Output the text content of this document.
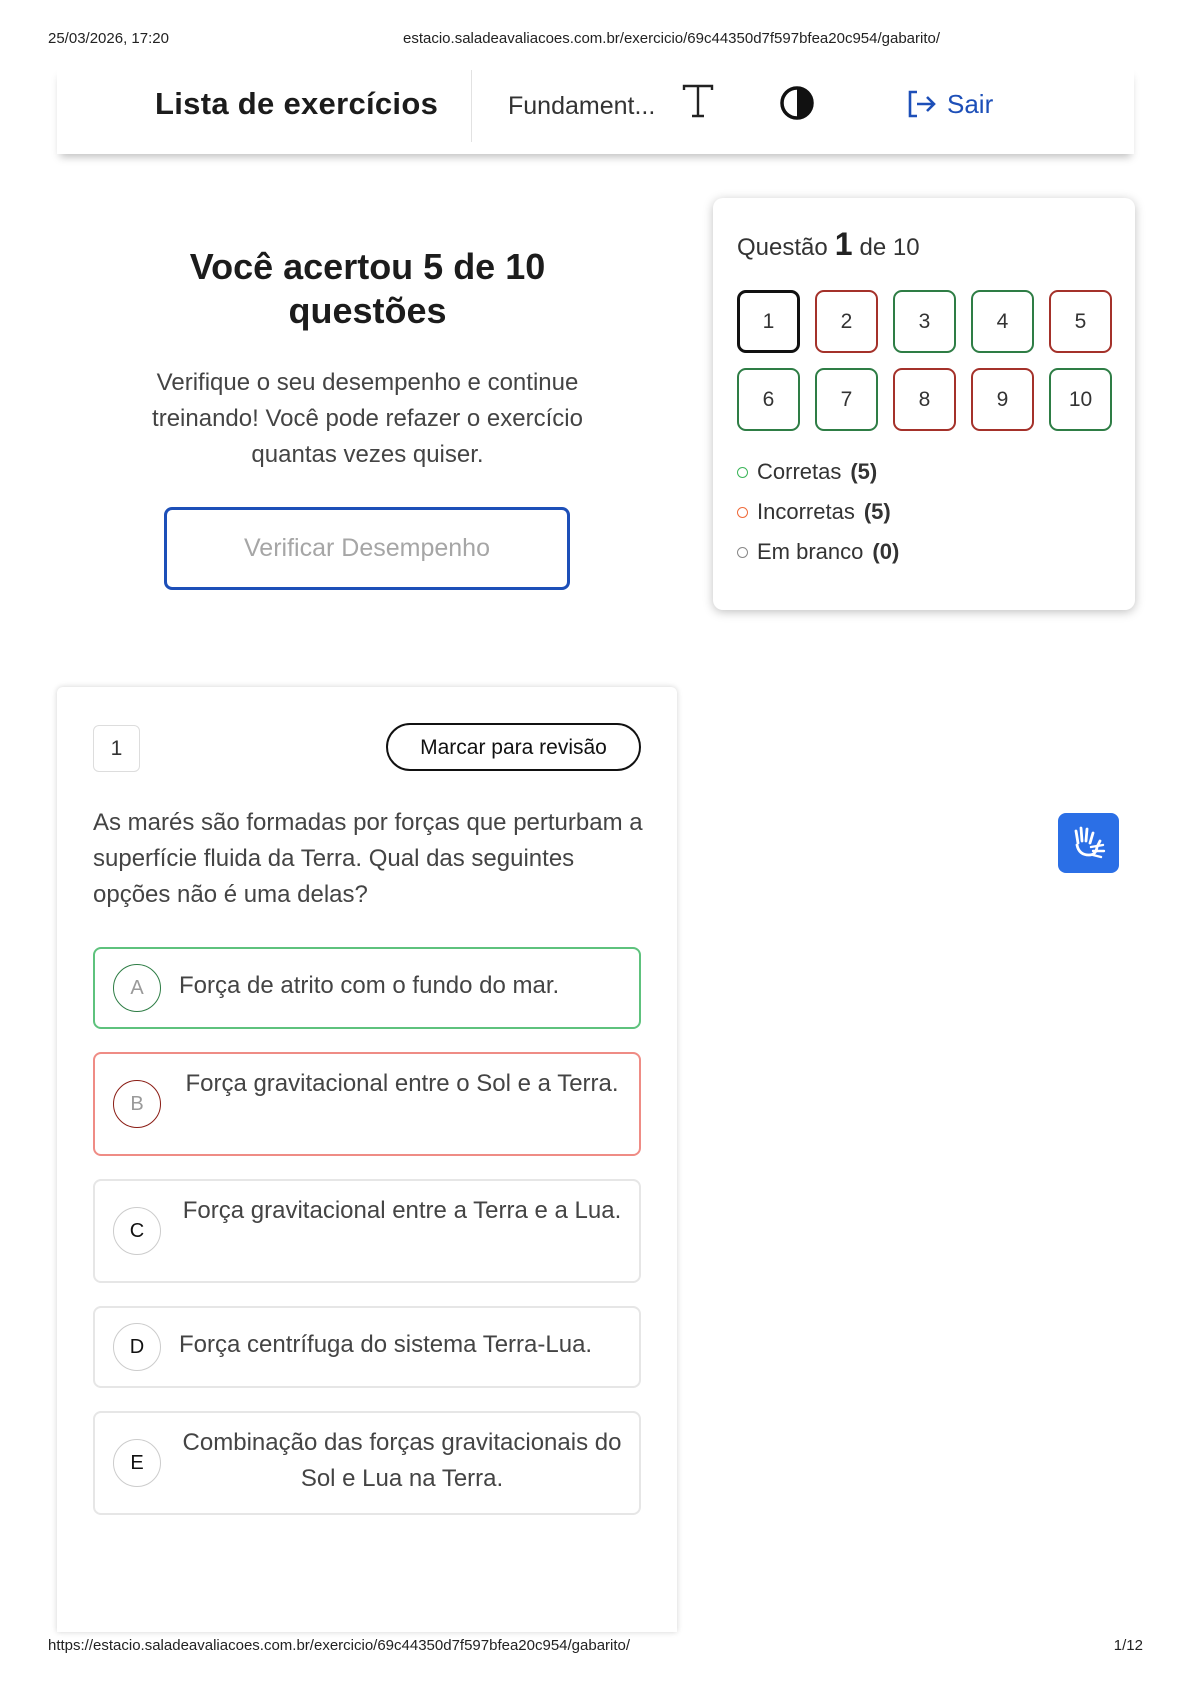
25/03/2026, 17:20	estacio.saladeavaliacoes.com.br/exercicio/69c44350d7f597bfea20c954/gabarito/
Lista de exercícios	Fundament...	Sair
Você acertou 5 de 10 questões

Verifique o seu desempenho e continue treinando! Você pode refazer o exercício quantas vezes quiser.

Verificar Desempenho
Questão 1 de 10
1	2	3	4	5
6	7	8	9	10
Corretas (5)
Incorretas (5)
Em branco (0)
1	Marcar para revisão
As marés são formadas por forças que perturbam a superfície fluida da Terra. Qual das seguintes opções não é uma delas?
A	Força de atrito com o fundo do mar.
B
Força gravitacional entre o Sol e a Terra.
C
Força gravitacional entre a Terra e a Lua.
D	Força centrífuga do sistema Terra-Lua.
E
Combinação das forças gravitacionais do Sol e Lua na Terra.
https://estacio.saladeavaliacoes.com.br/exercicio/69c44350d7f597bfea20c954/gabarito/	1/12
